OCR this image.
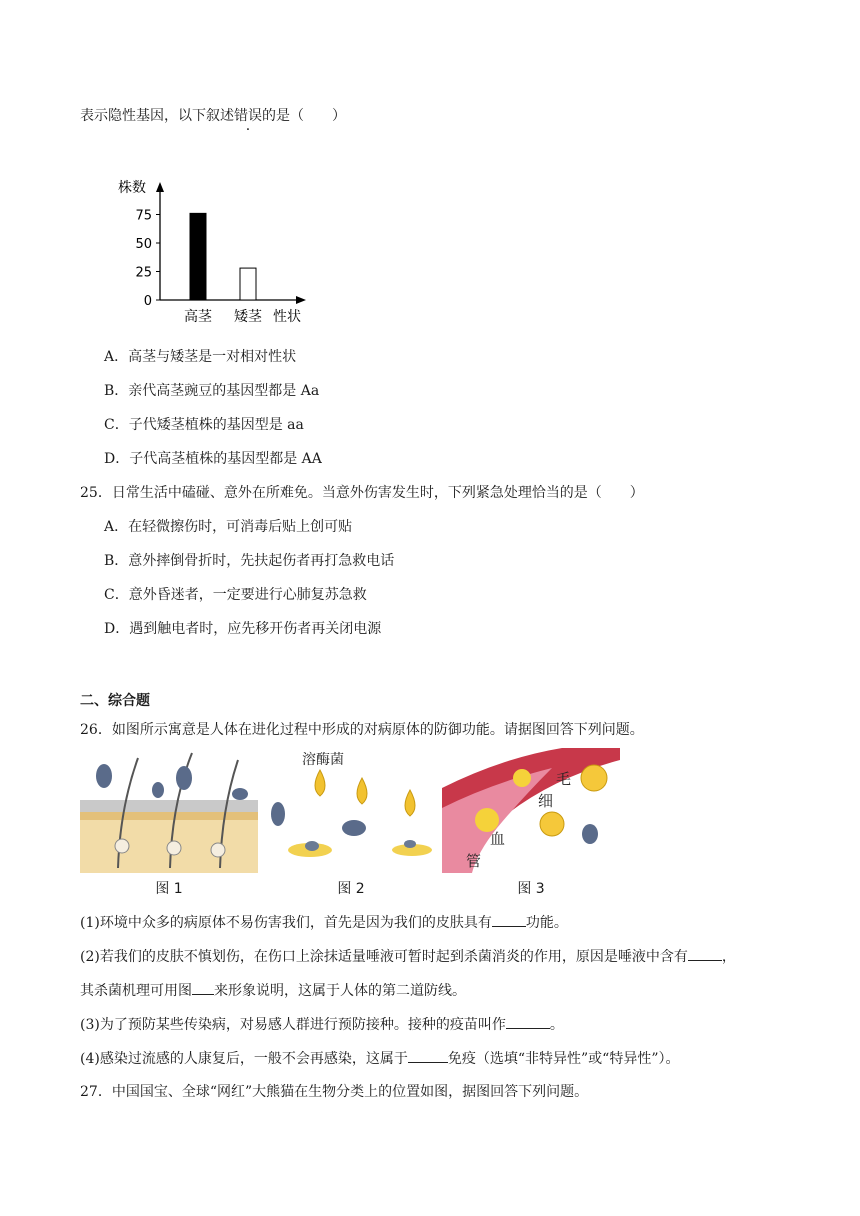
表示隐性基因，以下叙述错误的是（　　）
株数
性状
0
25
50
75
高茎 矮茎
A．高茎与矮茎是一对相对性状
B．亲代高茎豌豆的基因型都是 Aa
C．子代矮茎植株的基因型是 aa
D．子代高茎植株的基因型都是 AA
25．日常生活中磕碰、意外在所难免。当意外伤害发生时，下列紧急处理恰当的是（　　）
A．在轻微擦伤时，可消毒后贴上创可贴
B．意外摔倒骨折时，先扶起伤者再打急救电话
C．意外昏迷者，一定要进行心肺复苏急救
D．遇到触电者时，应先移开伤者再关闭电源
二、综合题
26．如图所示寓意是人体在进化过程中形成的对病原体的防御功能。请据图回答下列问题。
图 1
溶酶菌
图 2
毛
细
血
管
图 3
(1)环境中众多的病原体不易伤害我们，首先是因为我们的皮肤具有 功能。
(2)若我们的皮肤不慎划伤，在伤口上涂抹适量唾液可暂时起到杀菌消炎的作用，原因是唾液中含有 ，
其杀菌机理可用图 来形象说明，这属于人体的第二道防线。
(3)为了预防某些传染病，对易感人群进行预防接种。接种的疫苗叫作	。
(4)感染过流感的人康复后，一般不会再感染，这属于	免疫（选填“非特异性”或“特异性”）。
27．中国国宝、全球“网红”大熊猫在生物分类上的位置如图，据图回答下列问题。
